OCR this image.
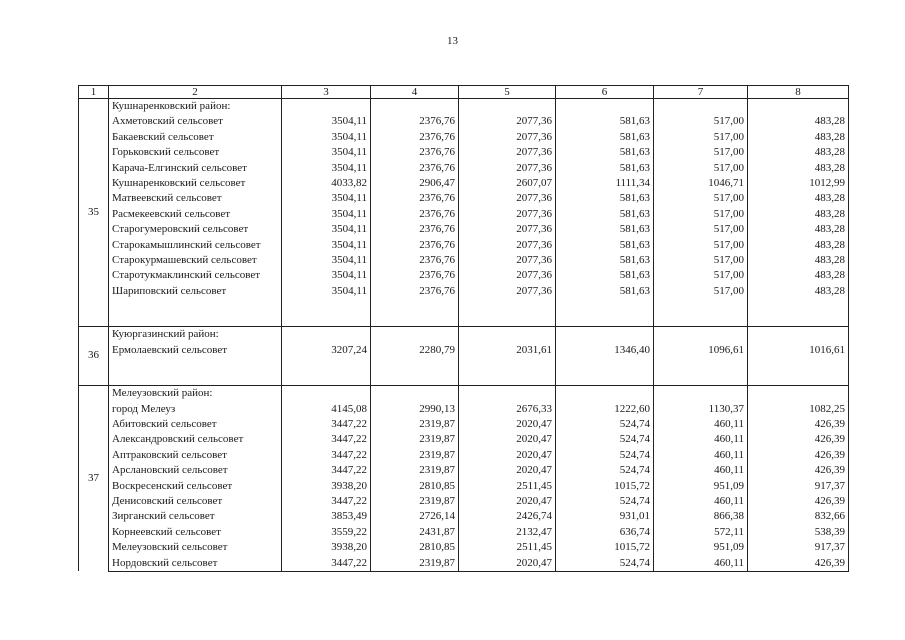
13
1	2	3	4	5	6	7	8
35	Кушнаренковский район:						
	Ахметовский сельсовет	3504,11	2376,76	2077,36	581,63	517,00	483,28
	Бакаевский сельсовет	3504,11	2376,76	2077,36	581,63	517,00	483,28
	Горьковский сельсовет	3504,11	2376,76	2077,36	581,63	517,00	483,28
	Карача-Елгинский сельсовет	3504,11	2376,76	2077,36	581,63	517,00	483,28
	Кушнаренковский сельсовет	4033,82	2906,47	2607,07	1111,34	1046,71	1012,99
	Матвеевский сельсовет	3504,11	2376,76	2077,36	581,63	517,00	483,28
	Расмекеевский сельсовет	3504,11	2376,76	2077,36	581,63	517,00	483,28
	Старогумеровский сельсовет	3504,11	2376,76	2077,36	581,63	517,00	483,28
	Старокамышлинский сельсовет	3504,11	2376,76	2077,36	581,63	517,00	483,28
	Старокурмашевский сельсовет	3504,11	2376,76	2077,36	581,63	517,00	483,28
	Старотукмаклинский сельсовет	3504,11	2376,76	2077,36	581,63	517,00	483,28
	Шариповский сельсовет	3504,11	2376,76	2077,36	581,63	517,00	483,28

36	Куюргазинский район:						
	Ермолаевский сельсовет	3207,24	2280,79	2031,61	1346,40	1096,61	1016,61

37	Мелеузовский район:						
	город Мелеуз	4145,08	2990,13	2676,33	1222,60	1130,37	1082,25
	Абитовский сельсовет	3447,22	2319,87	2020,47	524,74	460,11	426,39
	Александровский сельсовет	3447,22	2319,87	2020,47	524,74	460,11	426,39
	Аптраковский сельсовет	3447,22	2319,87	2020,47	524,74	460,11	426,39
	Арслановский сельсовет	3447,22	2319,87	2020,47	524,74	460,11	426,39
	Воскресенский сельсовет	3938,20	2810,85	2511,45	1015,72	951,09	917,37
	Денисовский сельсовет	3447,22	2319,87	2020,47	524,74	460,11	426,39
	Зирганский сельсовет	3853,49	2726,14	2426,74	931,01	866,38	832,66
	Корнеевский сельсовет	3559,22	2431,87	2132,47	636,74	572,11	538,39
	Мелеузовский сельсовет	3938,20	2810,85	2511,45	1015,72	951,09	917,37
	Нордовский сельсовет	3447,22	2319,87	2020,47	524,74	460,11	426,39
